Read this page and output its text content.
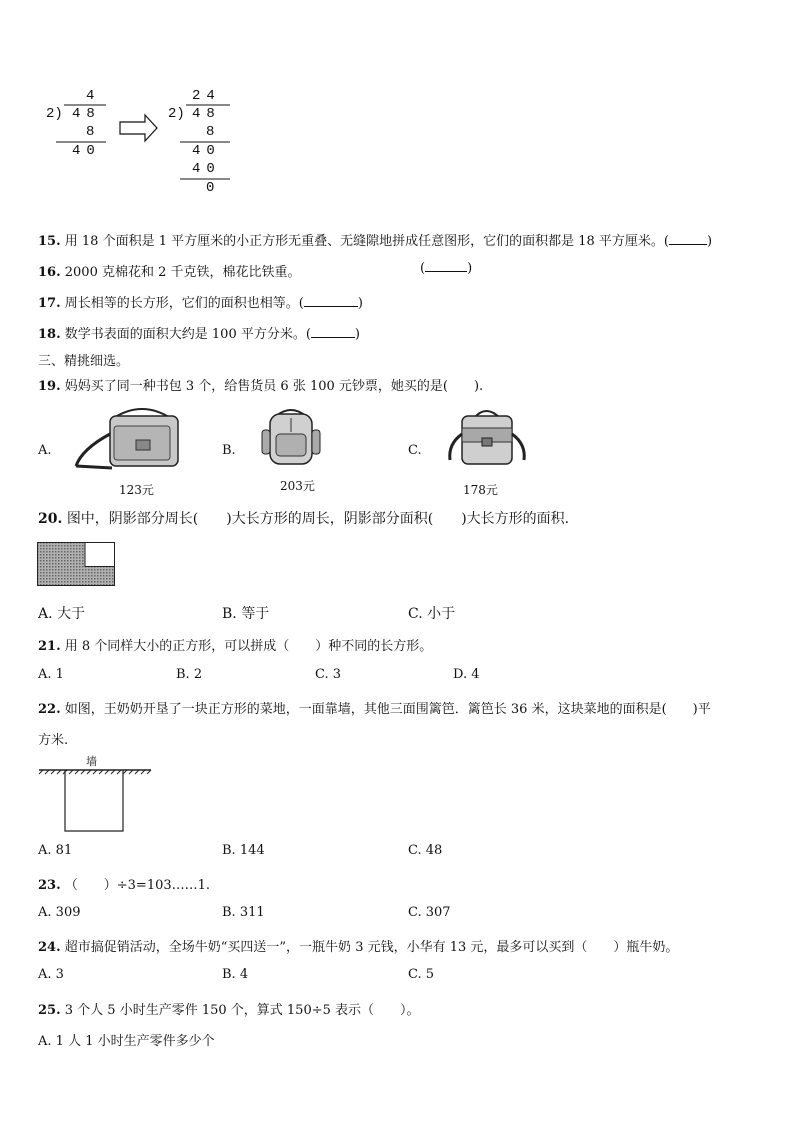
4
2) 48
8
40
24
2) 48
8
40
40
0
15. 用 18 个面积是 1 平方厘米的小正方形无重叠、无缝隙地拼成任意图形，它们的面积都是 18 平方厘米。(	)
16. 2000 克棉花和 2 千克铁，棉花比铁重。	(	)
17. 周长相等的长方形，它们的面积也相等。(	)
18. 数学书表面的面积大约是 100 平方分米。(	)
三、精挑细选。
19. 妈妈买了同一种书包 3 个，给售货员 6 张 100 元钞票，她买的是(　　).
A.	B.	C.
123元	203元	178元
20. 图中，阴影部分周长(　　)大长方形的周长，阴影部分面积(　　)大长方形的面积.
A. 大于	B. 等于	C. 小于
21. 用 8 个同样大小的正方形，可以拼成（　　）种不同的长方形。
A. 1	B. 2	C. 3	D. 4
22. 如图，王奶奶开垦了一块正方形的菜地，一面靠墙，其他三面围篱笆．篱笆长 36 米，这块菜地的面积是(　　)平
方米.
墙
A. 81	B. 144	C. 48
23. （　　）÷3=103……1.
A. 309	B. 311	C. 307
24. 超市搞促销活动，全场牛奶“买四送一”，一瓶牛奶 3 元钱，小华有 13 元，最多可以买到（　　）瓶牛奶。
A. 3	B. 4	C. 5
25. 3 个人 5 小时生产零件 150 个，算式 150÷5 表示（　　）。
A. 1 人 1 小时生产零件多少个
